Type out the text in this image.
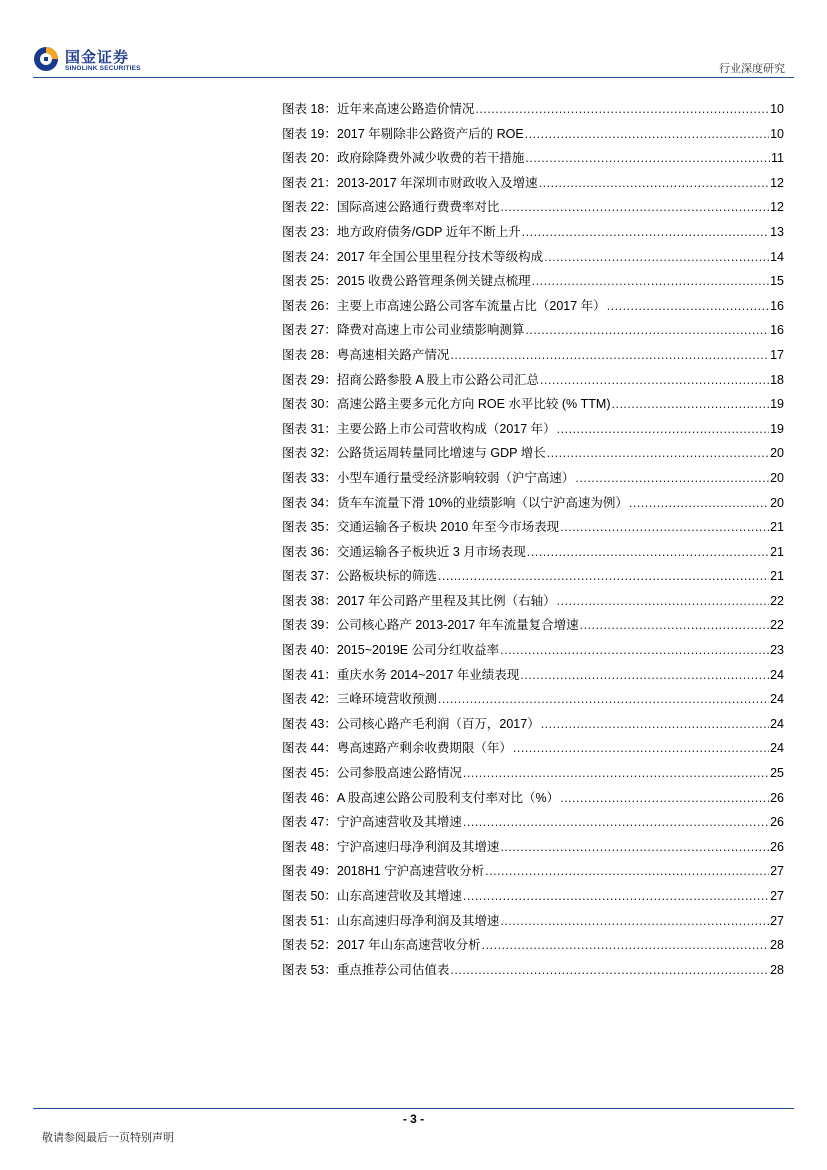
国金证券
SINOLINK SECURITIES	行业深度研究
图表 18： 近年来高速公路造价情况 .....	10
图表 19： 2017 年剔除非公路资产后的 ROE .....	10
图表 20： 政府除降费外减少收费的若干措施 .....	11
图表 21： 2013-2017 年深圳市财政收入及增速 .....	12
图表 22： 国际高速公路通行费费率对比 .....	12
图表 23： 地方政府债务/GDP 近年不断上升 .....	13
图表 24： 2017 年全国公里里程分技术等级构成 .....	14
图表 25： 2015 收费公路管理条例关键点梳理 .....	15
图表 26： 主要上市高速公路公司客车流量占比（2017 年） .....	16
图表 27： 降费对高速上市公司业绩影响测算 .....	16
图表 28： 粤高速相关路产情况 .....	17
图表 29： 招商公路参股 A 股上市公路公司汇总 .....	18
图表 30： 高速公路主要多元化方向 ROE 水平比较 (% TTM) .....	19
图表 31： 主要公路上市公司营收构成（2017 年） .....	19
图表 32： 公路货运周转量同比增速与 GDP 增长 .....	20
图表 33： 小型车通行量受经济影响较弱（沪宁高速） .....	20
图表 34： 货车车流量下滑 10%的业绩影响（以宁沪高速为例） .....	20
图表 35： 交通运输各子板块 2010 年至今市场表现 .....	21
图表 36： 交通运输各子板块近 3 月市场表现 .....	21
图表 37： 公路板块标的筛选 .....	21
图表 38： 2017 年公司路产里程及其比例（右轴） .....	22
图表 39： 公司核心路产 2013-2017 年车流量复合增速 .....	22
图表 40： 2015~2019E 公司分红收益率 .....	23
图表 41： 重庆水务 2014~2017 年业绩表现 .....	24
图表 42： 三峰环境营收预测 .....	24
图表 43： 公司核心路产毛利润（百万，2017） .....	24
图表 44： 粤高速路产剩余收费期限（年） .....	24
图表 45： 公司参股高速公路情况 .....	25
图表 46： A 股高速公路公司股利支付率对比（%） .....	26
图表 47： 宁沪高速营收及其增速 .....	26
图表 48： 宁沪高速归母净利润及其增速 .....	26
图表 49： 2018H1 宁沪高速营收分析 .....	27
图表 50： 山东高速营收及其增速 .....	27
图表 51： 山东高速归母净利润及其增速 .....	27
图表 52： 2017 年山东高速营收分析 .....	28
图表 53： 重点推荐公司估值表 .....	28
- 3 -
敬请参阅最后一页特别声明
